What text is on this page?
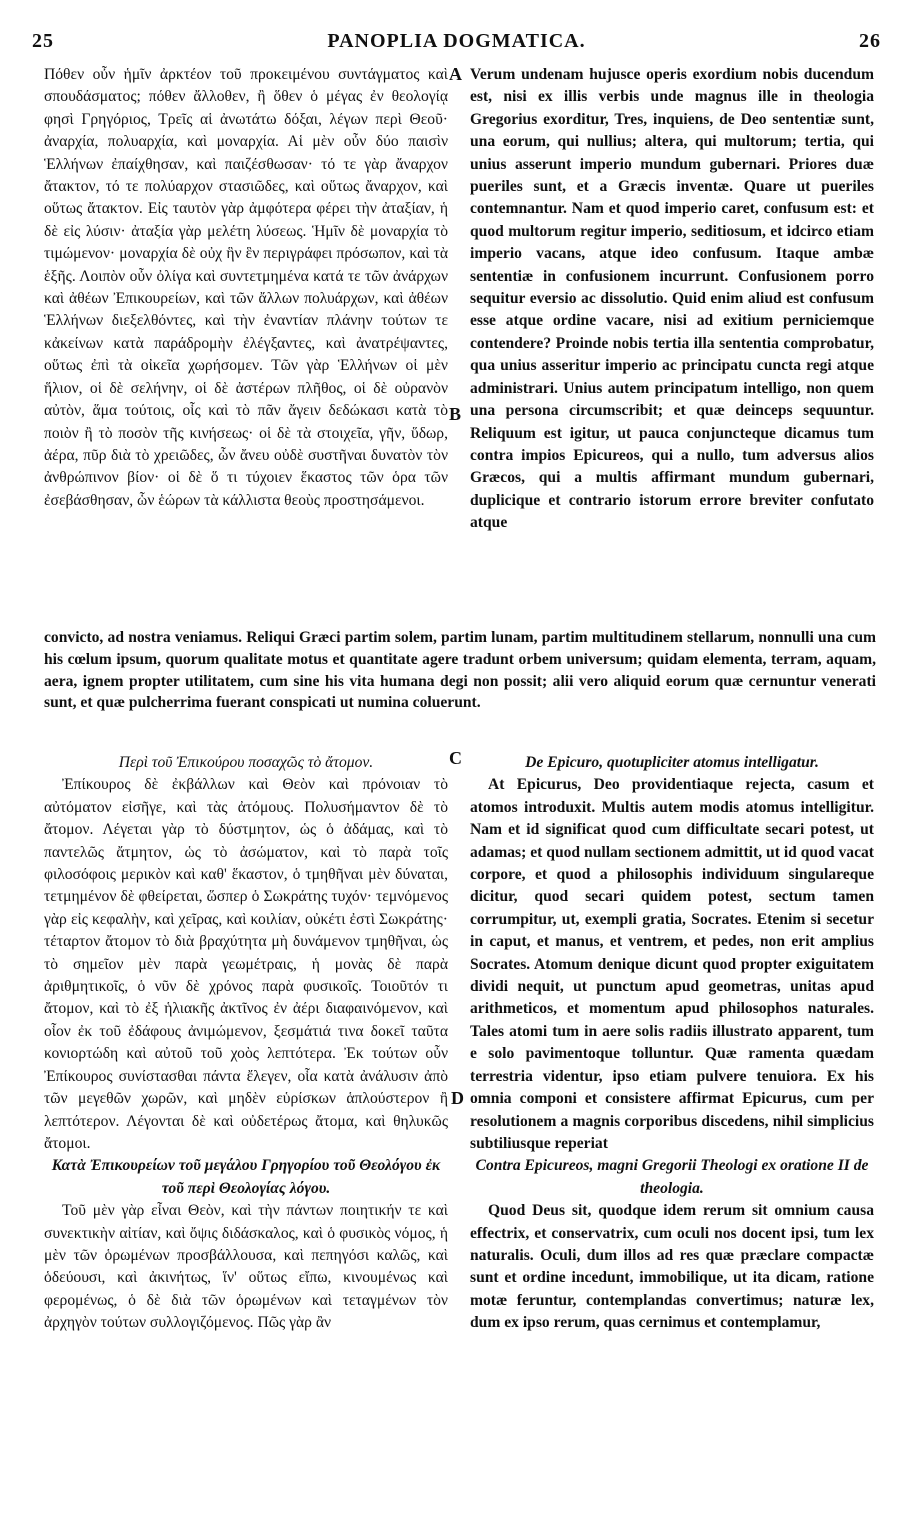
25	PANOPLIA DOGMATICA.	26
A
B
C
D

Πόθεν οὖν ἡμῖν ἀρκτέον τοῦ προκειμένου συντάγματος καὶ σπουδάσματος; πόθεν ἄλλοθεν, ἢ ὅθεν ὁ μέγας ἐν θεολογίᾳ φησὶ Γρηγόριος, Τρεῖς αἱ ἀνωτάτω δόξαι, λέγων περὶ Θεοῦ· ἀναρχία, πολυαρχία, καὶ μοναρχία. Αἱ μὲν οὖν δύο παισὶν Ἑλλήνων ἐπαίχθησαν, καὶ παιζέσθωσαν· τό τε γὰρ ἄναρχον ἄτακτον, τό τε πολύαρχον στασιῶδες, καὶ οὕτως ἄναρχον, καὶ οὕτως ἄτακτον. Εἰς ταυτὸν γὰρ ἀμφότερα φέρει τὴν ἀταξίαν, ἡ δὲ εἰς λύσιν· ἀταξία γὰρ μελέτη λύσεως. Ἡμῖν δὲ μοναρχία τὸ τιμώμενον· μοναρχία δὲ οὐχ ἣν ἓν περιγράφει πρόσωπον, καὶ τὰ ἑξῆς. Λοιπὸν οὖν ὀλίγα καὶ συντετμημένα κατά τε τῶν ἀνάρχων καὶ ἀθέων Ἐπικουρείων, καὶ τῶν ἄλλων πολυάρχων, καὶ ἀθέων Ἑλλήνων διεξελθόντες, καὶ τὴν ἐναντίαν πλάνην τούτων τε κἀκείνων κατὰ παράδρομὴν ἐλέγξαντες, καὶ ἀνατρέψαντες, οὕτως ἐπὶ τὰ οἰκεῖα χωρήσομεν. Τῶν γὰρ Ἑλλήνων οἱ μὲν ἥλιον, οἱ δὲ σελήνην, οἱ δὲ ἀστέρων πλῆθος, οἱ δὲ οὐρανὸν αὐτὸν, ἅμα τούτοις, οἷς καὶ τὸ πᾶν ἄγειν δεδώκασι κατὰ τὸ ποιὸν ἢ τὸ ποσὸν τῆς κινήσεως· οἱ δὲ τὰ στοιχεῖα, γῆν, ὕδωρ, ἀέρα, πῦρ διὰ τὸ χρειῶδες, ὧν ἄνευ οὐδὲ συστῆναι δυνατὸν τὸν ἀνθρώπινον βίον· οἱ δὲ ὅ τι τύχοιεν ἕκαστος τῶν ὁρα τῶν ἐσεβάσθησαν, ὧν ἑώρων τὰ κάλλιστα θεοὺς προστησάμενοι.

Verum undenam hujusce operis exordium nobis ducendum est, nisi ex illis verbis unde magnus ille in theologia Gregorius exorditur, Tres, inquiens, de Deo sententiæ sunt, una eorum, qui nullius; altera, qui multorum; tertia, qui unius asserunt imperio mundum gubernari. Priores duæ pueriles sunt, et a Græcis inventæ. Quare ut pueriles contemnantur. Nam et quod imperio caret, confusum est: et quod multorum regitur imperio, seditiosum, et idcirco etiam imperio vacans, atque ideo confusum. Itaque ambæ sententiæ in confusionem incurrunt. Confusionem porro sequitur eversio ac dissolutio. Quid enim aliud est confusum esse atque ordine vacare, nisi ad exitium perniciemque contendere? Proinde nobis tertia illa sententia comprobatur, qua unius asseritur imperio ac principatu cuncta regi atque administrari. Unius autem principatum intelligo, non quem una persona circumscribit; et quæ deinceps sequuntur. Reliquum est igitur, ut pauca conjuncteque dicamus tum contra impios Epicureos, qui a nullo, tum adversus alios Græcos, qui a multis affirmant mundum gubernari, duplicique et contrario istorum errore breviter confutato atque

convicto, ad nostra veniamus. Reliqui Græci partim solem, partim lunam, partim multitudinem stellarum, nonnulli una cum his cœlum ipsum, quorum qualitate motus et quantitate agere tradunt orbem universum; quidam elementa, terram, aquam, aera, ignem propter utilitatem, cum sine his vita humana degi non possit; alii vero aliquid eorum quæ cernuntur venerati sunt, et quæ pulcherrima fuerant conspicati ut numina coluerunt.

Περὶ τοῦ Ἐπικούρου ποσαχῶς τὸ ἄτομον.

Ἐπίκουρος δὲ ἐκβάλλων καὶ Θεὸν καὶ πρόνοιαν τὸ αὐτόματον εἰσῆγε, καὶ τὰς ἀτόμους. Πολυσήμαντον δὲ τὸ ἄτομον. Λέγεται γὰρ τὸ δύστμητον, ὡς ὁ ἀδάμας, καὶ τὸ παντελῶς ἄτμητον, ὡς τὸ ἀσώματον, καὶ τὸ παρὰ τοῖς φιλοσόφοις μερικὸν καὶ καθ' ἕκαστον, ὁ τμηθῆναι μὲν δύναται, τετμημένον δὲ φθείρεται, ὥσπερ ὁ Σωκράτης τυχόν· τεμνόμενος γὰρ εἰς κεφαλὴν, καὶ χεῖρας, καὶ κοιλίαν, οὐκέτι ἐστὶ Σωκράτης· τέταρτον ἄτομον τὸ διὰ βραχύτητα μὴ δυνάμενον τμηθῆναι, ὡς τὸ σημεῖον μὲν παρὰ γεωμέτραις, ἡ μονὰς δὲ παρὰ ἀριθμητικοῖς, ὁ νῦν δὲ χρόνος παρὰ φυσικοῖς. Τοιοῦτόν τι ἄτομον, καὶ τὸ ἐξ ἡλιακῆς ἀκτῖνος ἐν ἀέρι διαφαινόμενον, καὶ οἷον ἐκ τοῦ ἐδάφους ἀνιμώμενον, ξεσμάτιά τινα δοκεῖ ταῦτα κονιορτώδη καὶ αὐτοῦ τοῦ χοὸς λεπτότερα. Ἐκ τούτων οὖν Ἐπίκουρος συνίστασθαι πάντα ἔλεγεν, οἷα κατὰ ἀνάλυσιν ἀπὸ τῶν μεγεθῶν χωρῶν, καὶ μηδὲν εὑρίσκων ἁπλούστερον ἢ λεπτότερον. Λέγονται δὲ καὶ οὐδετέρως ἄτομα, καὶ θηλυκῶς ἄτομοι.

Κατὰ Ἐπικουρείων τοῦ μεγάλου Γρηγορίου τοῦ Θεολόγου ἐκ τοῦ περὶ Θεολογίας λόγου.

Τοῦ μὲν γὰρ εἶναι Θεὸν, καὶ τὴν πάντων ποιητικήν τε καὶ συνεκτικὴν αἰτίαν, καὶ ὄψις διδάσκαλος, καὶ ὁ φυσικὸς νόμος, ἡ μὲν τῶν ὁρωμένων προσβάλλουσα, καὶ πεπηγόσι καλῶς, καὶ ὁδεύουσι, καὶ ἀκινήτως, ἵν' οὕτως εἴπω, κινουμένως καὶ φερομένως, ὁ δὲ διὰ τῶν ὁρωμένων καὶ τεταγμένων τὸν ἀρχηγὸν τούτων συλλογιζόμενος. Πῶς γὰρ ἂν

De Epicuro, quotupliciter atomus intelligatur.

At Epicurus, Deo providentiaque rejecta, casum et atomos introduxit. Multis autem modis atomus intelligitur. Nam et id significat quod cum difficultate secari potest, ut adamas; et quod nullam sectionem admittit, ut id quod vacat corpore, et quod a philosophis individuum singulareque dicitur, quod secari quidem potest, sectum tamen corrumpitur, ut, exempli gratia, Socrates. Etenim si secetur in caput, et manus, et ventrem, et pedes, non erit amplius Socrates. Atomum denique dicunt quod propter exiguitatem dividi nequit, ut punctum apud geometras, unitas apud arithmeticos, et momentum apud philosophos naturales. Tales atomi tum in aere solis radiis illustrato apparent, tum e solo pavimentoque tolluntur. Quæ ramenta quædam terrestria videntur, ipso etiam pulvere tenuiora. Ex his omnia componi et consistere affirmat Epicurus, cum per resolutionem a magnis corporibus discedens, nihil simplicius subtiliusque reperiat

Contra Epicureos, magni Gregorii Theologi ex oratione II de theologia.

Quod Deus sit, quodque idem rerum sit omnium causa effectrix, et conservatrix, cum oculi nos docent ipsi, tum lex naturalis. Oculi, dum illos ad res quæ præclare compactæ sunt et ordine incedunt, immobilique, ut ita dicam, ratione motæ feruntur, contemplandas convertimus; naturæ lex, dum ex ipso rerum, quas cernimus et contemplamur,
